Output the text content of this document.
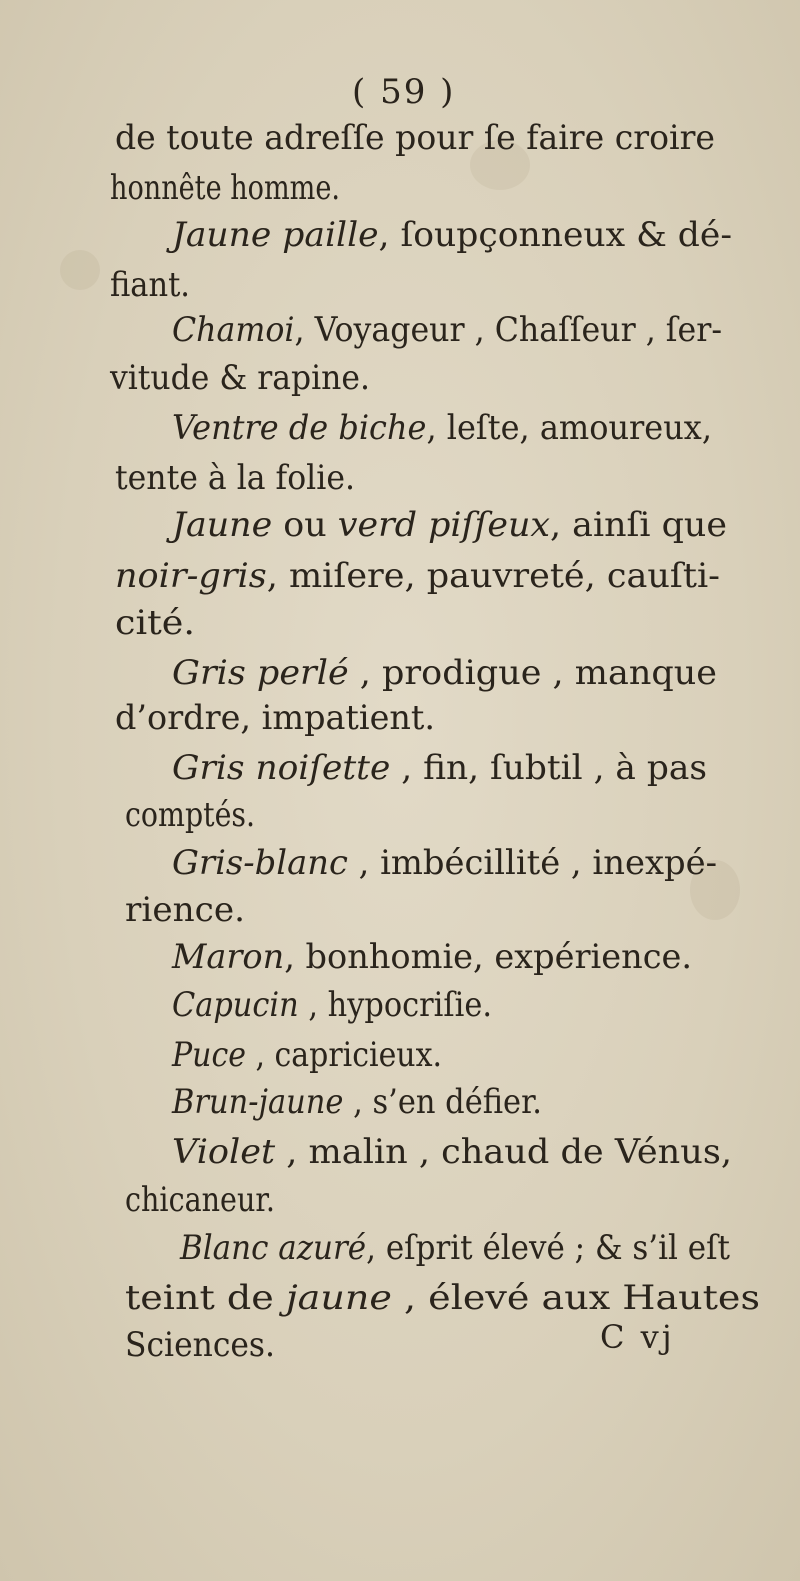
( 59 )
de toute adreſſe pour ſe faire croire
honnête homme.
Jaune paille, ſoupçonneux & dé-
fiant.
Chamoi, Voyageur , Chaſſeur , ſer-
vitude & rapine.
Ventre de biche, leſte, amoureux,
tente à la folie.
Jaune ou verd piſſeux, ainſi que
noir-gris, miſere, pauvreté, cauſti-
cité.
Gris perlé , prodigue , manque
d’ordre, impatient.
Gris noiſette , fin, ſubtil , à pas
comptés.
Gris-blanc , imbécillité , inexpé-
rience.
Maron, bonhomie, expérience.
Capucin , hypocriſie.
Puce , capricieux.
Brun-jaune , s’en défier.
Violet , malin , chaud de Vénus,
chicaneur.
Blanc azuré, eſprit élevé ; & s’il eſt
teint de jaune , élevé aux Hautes
Sciences.	C vj
